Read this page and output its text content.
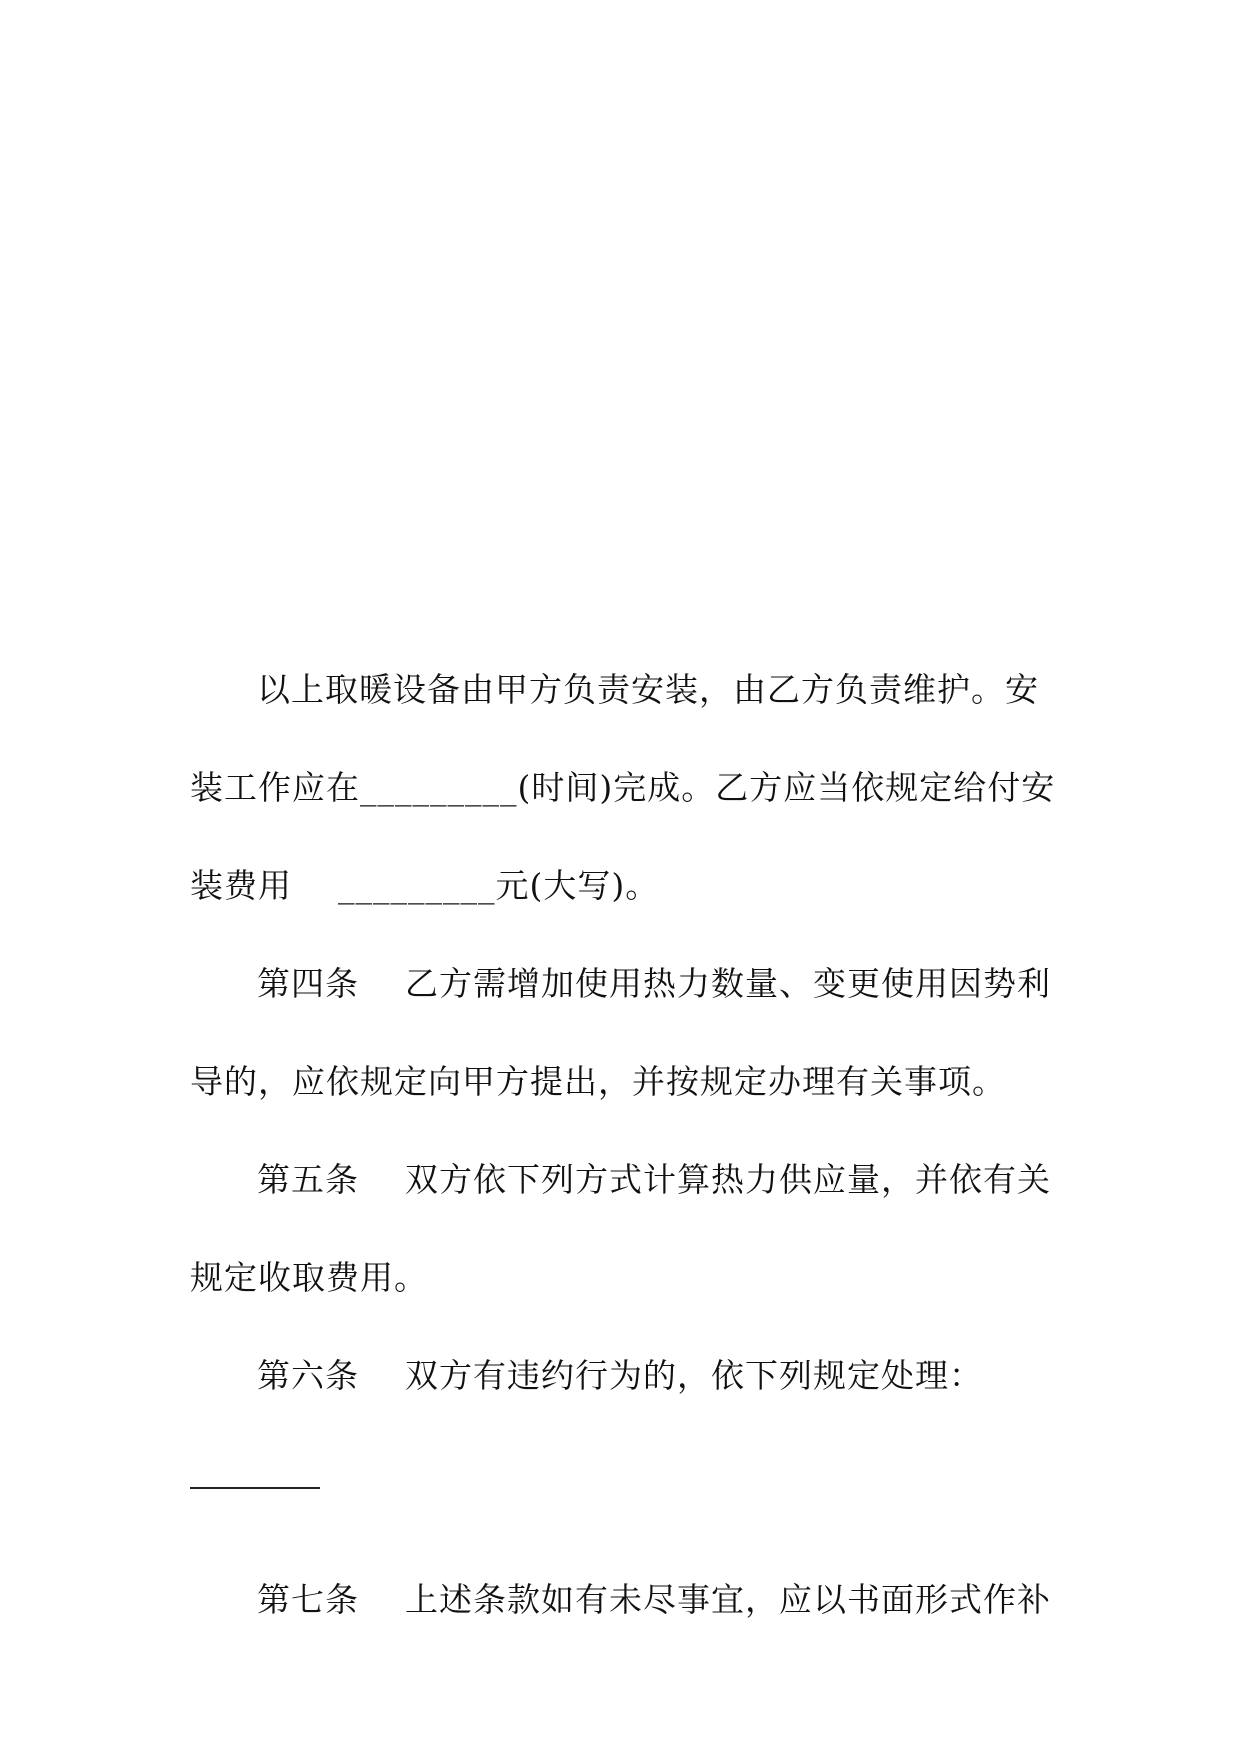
以上取暖设备由甲方负责安装，由乙方负责维护。安
装工作应在_________(时间)完成。乙方应当依规定给付安
装费用    _________元(大写)。
第四条    乙方需增加使用热力数量、变更使用因势利
导的，应依规定向甲方提出，并按规定办理有关事项。
第五条    双方依下列方式计算热力供应量，并依有关
规定收取费用。
第六条    双方有违约行为的，依下列规定处理：
第七条    上述条款如有未尽事宜，应以书面形式作补
